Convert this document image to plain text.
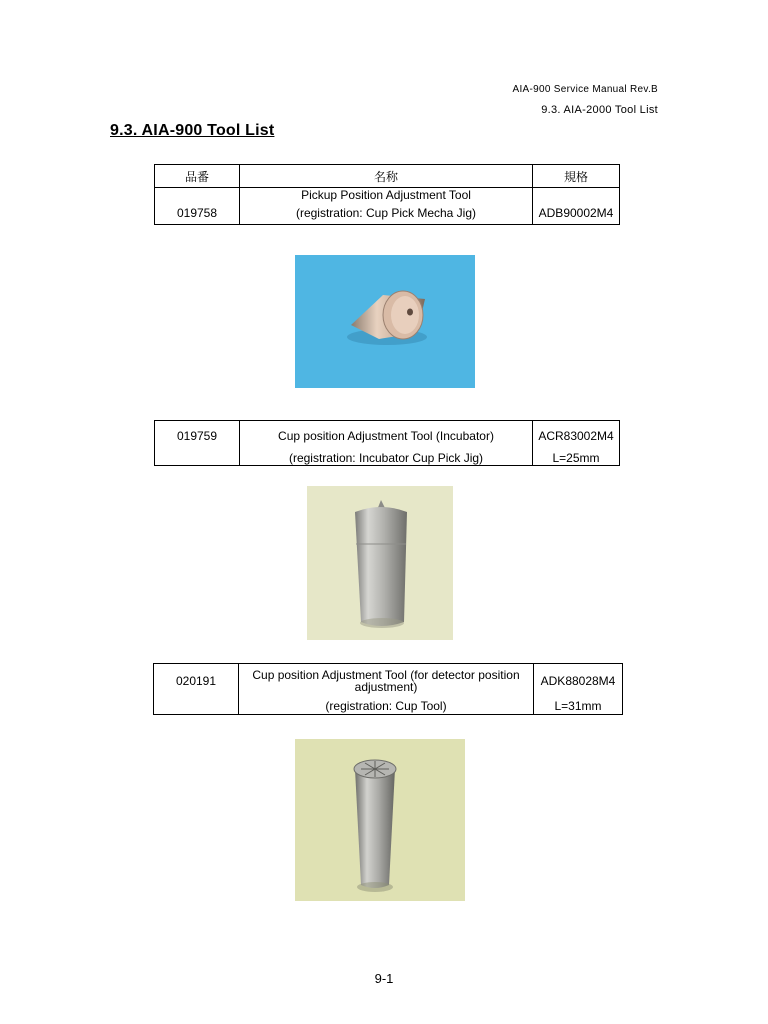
AIA-900 Service Manual Rev.B
9.3. AIA-2000 Tool List
9.3. AIA-900 Tool List
品番	名称	規格
	Pickup Position Adjustment Tool	
019758	(registration: Cup Pick Mecha Jig)	ADB90002M4
019759	Cup position Adjustment Tool (Incubator)	ACR83002M4
	(registration: Incubator Cup Pick Jig)	L=25mm
020191	Cup position Adjustment Tool (for detector position adjustment)	ADK88028M4
	(registration: Cup Tool)	L=31mm
9-1
